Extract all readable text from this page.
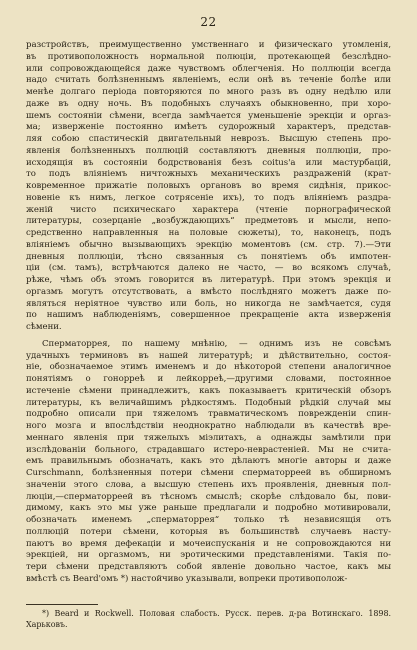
22
разстройствъ, преимущественно умственнаго и физическаго утомленія,
въ противоположность нормальной полюціи, протекающей безслѣдно-
или сопровождающейся даже чувствомъ облегченія. Но поллюціи всегда
надо считать болѣзненнымъ явленіемъ, если онѣ въ теченіе болѣе или
менѣе долгаго періода повторяются по много разъ въ одну недѣлю или
даже въ одну ночь. Въ подобныхъ случаяхъ обыкновенно, при хоро-
шемъ состояніи сѣмени, всегда замѣчается уменьшеніе эрекціи и оргаз-
ма; изверженіе постоянно имѣетъ судорожный характеръ, представ-
ляя собою спастическій двигательный неврозъ. Высшую степень про-
явленія болѣзненныхъ поллюцій составляютъ дневныя поллюціи, про-
исходящія въ состояніи бодрствованія безъ coitus'а или мастурбацій,
то подъ вліяніемъ ничтожныхъ механическихъ раздраженій (крат-
ковременное прижатіе половыхъ органовъ во время сидѣнія, прикос-
новеніе къ нимъ, легкое сотрясеніе ихъ), то подъ вліяніемъ раздра-
женій чисто психическаго характера (чтеніе порнографической
литературы, созерцаніе „возбуждающихъ“ предметовъ и мысли, непо-
средственно направленныя на половые сюжеты), то, наконецъ, подъ
вліяніемъ обычно вызывающихъ эрекцію моментовъ (см. стр. 7).—Эти
дневныя поллюціи, тѣсно связанныя съ понятіемъ объ импотен-
ціи (см. тамъ), встрѣчаются далеко не часто, — во всякомъ случаѣ,
рѣже, чѣмъ объ этомъ говорится въ литературѣ. При этомъ эрекція и
оргазмъ могутъ отсутствовать, а вмѣсто послѣдняго можетъ даже по-
являться неріятное чувство или боль, но никогда не замѣчается, судя
по нашимъ наблюденіямъ, совершенное прекращеніе акта изверженія
сѣмени.
Сперматоррея, по нашему мнѣнію, — однимъ изъ не совсѣмъ
удачныхъ терминовъ въ нашей литературѣ; и дѣйствительно, состоя-
ніе, обозначаемое этимъ именемъ и до нѣкоторой степени аналогичное
понятіямъ о гонорреѣ и лейкорреѣ,—другими словами, постоянное
истеченіе сѣмени принадлежитъ, какъ показываетъ критическій обзоръ
литературы, къ величайшимъ рѣдкостямъ. Подобный рѣдкій случай мы
подробно описали при тяжеломъ травматическомъ поврежденіи спин-
ного мозга и впослѣдствіи неоднократно наблюдали въ качествѣ вре-
меннаго явленія при тяжелыхъ міэлитахъ, а однажды замѣтили при
изслѣдованіи больного, страдавшаго истеро-неврастеніей. Мы не счита-
емъ правильнымъ обозначать, какъ это дѣлаютъ многіе авторы и даже
Curschmann, болѣзненныя потери сѣмени сперматорреей въ обширномъ
значеніи этого слова, а высшую степень ихъ проявленія, дневныя пол-
люціи,—сперматорреей въ тѣсномъ смыслѣ; скорѣе слѣдовало бы, пови-
димому, какъ это мы уже раньше предлагали и подробно мотивировали,
обозначать именемъ „сперматоррея“ только тѣ независящія отъ
поллюцій потери сѣмени, которыя въ большинствѣ случаевъ насту-
паютъ во время дефекаціи и мочеиспусканія и не сопровождаются ни
эрекціей, ни оргазмомъ, ни эротическими представленіями. Такія по-
тери сѣмени представляютъ собой явленіе довольно частое, какъ мы
вмѣстѣ съ Beard'омъ *) настойчиво указывали, вопреки противополож-
*) Beard и Rockwell. Половая слабость. Русск. перев. д-ра Вотинскаго. 1898.
Харьковъ.
